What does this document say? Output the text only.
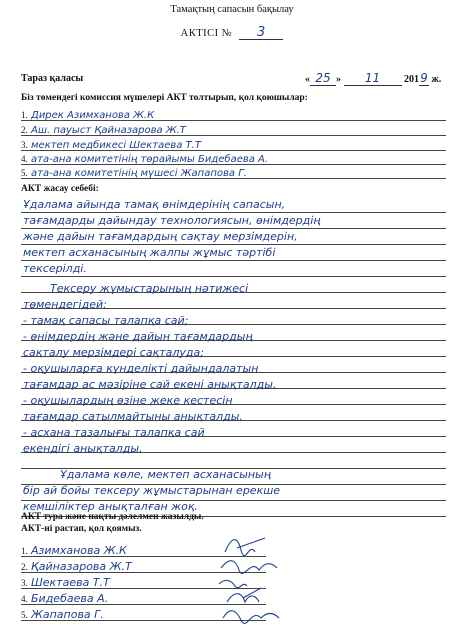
Тамақтың сапасын бақылау
АКТІСІ № 3
Тараз қаласы	« 25 » 11 2019 ж.
Біз төмендегі комиссия мүшелері АКТ толтырып, қол қоюшылар:
1. Дирек Азимханова Ж.К
2. Аш. пауыст Қайназарова Ж.Т
3. мектеп медбикесі Шектаева Т.Т
4. ата-ана комитетінің төрайымы Бидебаева А.
5. ата-ана комитетінің мүшесі Жапапова Г.
АКТ жасау себебі:
Ұдалама айында тамақ өнімдерінің сапасын,
тағамдарды дайындау технологиясын, өнімдердің
және дайын тағамдардың сақтау мерзімдерін,
мектеп асханасының жалпы жұмыс тәртібі
тексерілді.
Тексеру жұмыстарының нәтижесі
төмендегідей:
- тамақ сапасы талапқа сай;
- өнімдердің және дайын тағамдардың
сақталу мерзімдері сақталуда;
- оқушыларға күнделікті дайындалатын
тағамдар ас мәзіріне сай екені анықталды.
- оқушылардың өзіне жеке кестесін
тағамдар сатылмайтыны анықталды.
- асхана тазалығы талапқа сай
екендігі анықталды.
Ұдалама көле, мектеп асханасының
бір ай бойы тексеру жұмыстарынан ерекше
кемшіліктер анықталған жоқ.
АКТ тура және нақты дәлелмен жазылды.
АКТ-ні растап, қол қоямыз.
1. Азимханова Ж.К
2. Қайназарова Ж.Т
3. Шектаева Т.Т
4. Бидебаева А.
5. Жапапова Г.
